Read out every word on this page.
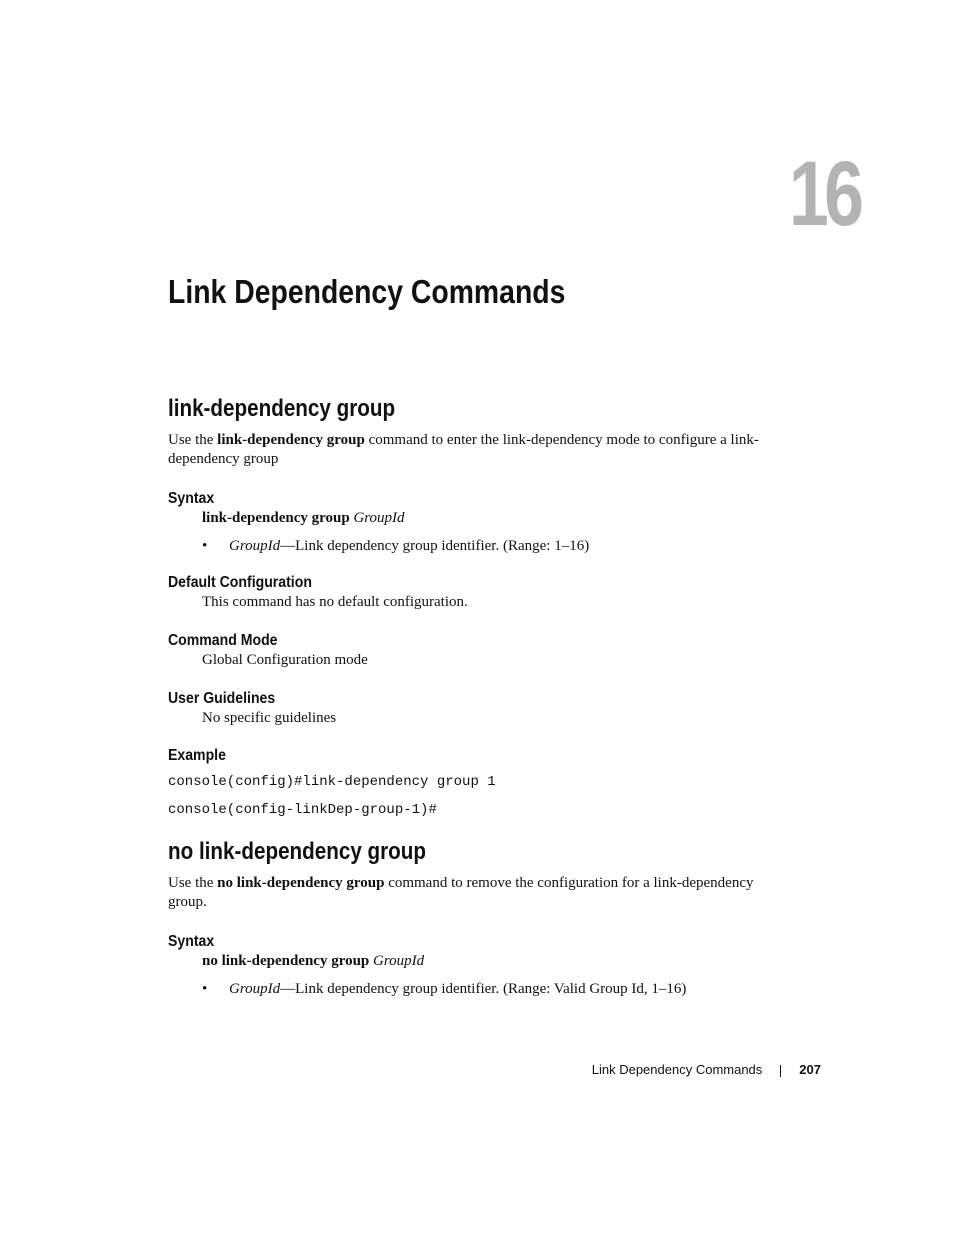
16
Link Dependency Commands
link-dependency group

Use the link-dependency group command to enter the link-dependency mode to configure a link-dependency group

Syntax

link-dependency group GroupId

•	GroupId—Link dependency group identifier. (Range: 1–16)

Default Configuration

This command has no default configuration.

Command Mode

Global Configuration mode

User Guidelines

No specific guidelines

Example

console(config)#link-dependency group 1

console(config-linkDep-group-1)#

no link-dependency group

Use the no link-dependency group command to remove the configuration for a link-dependency group.

Syntax

no link-dependency group GroupId

•	GroupId—Link dependency group identifier. (Range: Valid Group Id, 1–16)

Link Dependency Commands	207
